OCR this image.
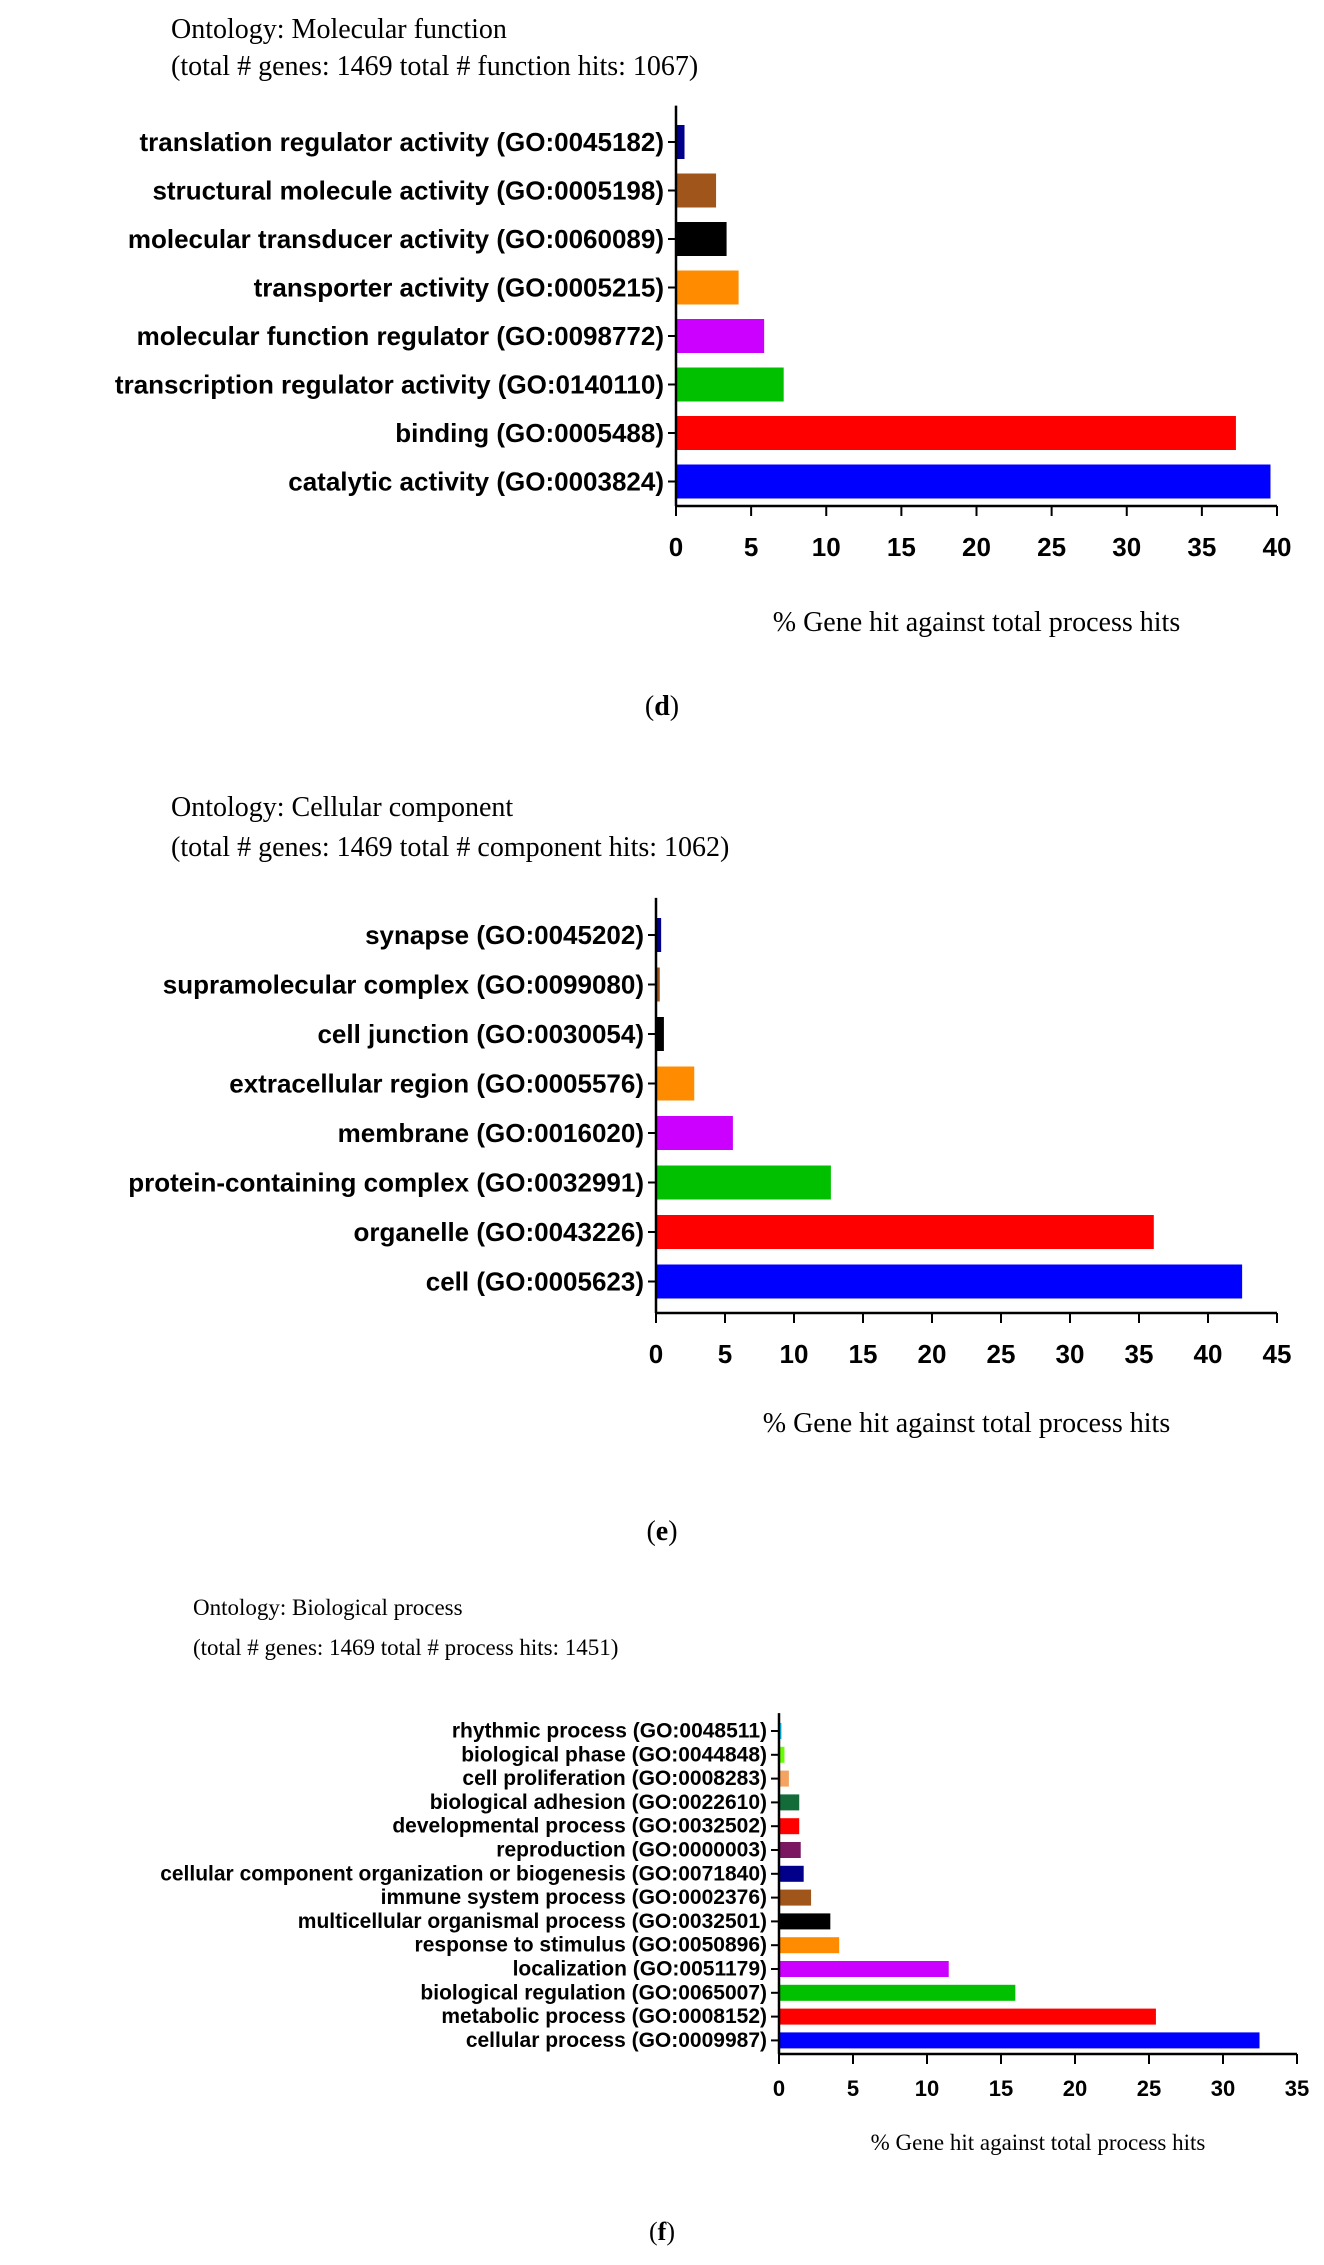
Ontology: Molecular function
(total # genes: 1469 total # function hits: 1067)
translation regulator activity (GO:0045182)
structural molecule activity (GO:0005198)
molecular transducer activity (GO:0060089)
transporter activity (GO:0005215)
molecular function regulator (GO:0098772)
transcription regulator activity (GO:0140110)
binding (GO:0005488)
catalytic activity (GO:0003824)
0 5 10 15 20 25 30 35 40
% Gene hit against total process hits
(d)
Ontology: Cellular component
(total # genes: 1469 total # component hits: 1062)
synapse (GO:0045202)
supramolecular complex (GO:0099080)
cell junction (GO:0030054)
extracellular region (GO:0005576)
membrane (GO:0016020)
protein-containing complex (GO:0032991)
organelle (GO:0043226)
cell (GO:0005623)
0 5 10 15 20 25 30 35 40 45
% Gene hit against total process hits
(e)
Ontology: Biological process
(total # genes: 1469 total # process hits: 1451)
rhythmic process (GO:0048511)
biological phase (GO:0044848)
cell proliferation (GO:0008283)
biological adhesion (GO:0022610)
developmental process (GO:0032502)
reproduction (GO:0000003)
cellular component organization or biogenesis (GO:0071840)
immune system process (GO:0002376)
multicellular organismal process (GO:0032501)
response to stimulus (GO:0050896)
localization (GO:0051179)
biological regulation (GO:0065007)
metabolic process (GO:0008152)
cellular process (GO:0009987)
0	5	10 15 20 25 30 35
% Gene hit against total process hits
(f)
